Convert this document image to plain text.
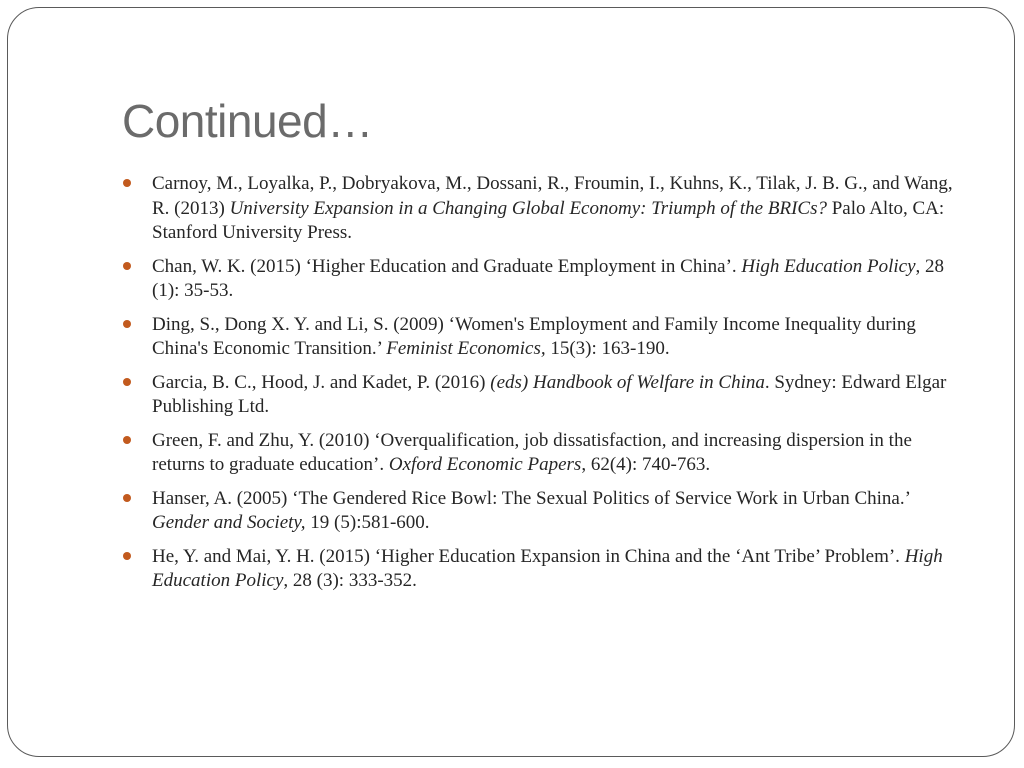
Continued…
Carnoy, M., Loyalka, P., Dobryakova, M., Dossani, R., Froumin, I., Kuhns, K., Tilak, J. B. G., and Wang, R. (2013) University Expansion in a Changing Global Economy: Triumph of the BRICs? Palo Alto, CA: Stanford University Press.
Chan, W. K. (2015) ‘Higher Education and Graduate Employment in China’. High Education Policy, 28 (1): 35-53.
Ding, S., Dong X. Y. and Li, S. (2009) ‘Women's Employment and Family Income Inequality during China's Economic Transition.’ Feminist Economics, 15(3): 163-190.
Garcia, B. C., Hood, J. and Kadet, P. (2016) (eds) Handbook of Welfare in China. Sydney: Edward Elgar Publishing Ltd.
Green, F. and Zhu, Y. (2010) ‘Overqualification, job dissatisfaction, and increasing dispersion in the returns to graduate education’. Oxford Economic Papers, 62(4): 740-763.
Hanser, A. (2005) ‘The Gendered Rice Bowl: The Sexual Politics of Service Work in Urban China.’ Gender and Society, 19 (5):581-600.
He, Y. and Mai, Y. H. (2015) ‘Higher Education Expansion in China and the ‘Ant Tribe’ Problem’. High Education Policy, 28 (3): 333-352.
